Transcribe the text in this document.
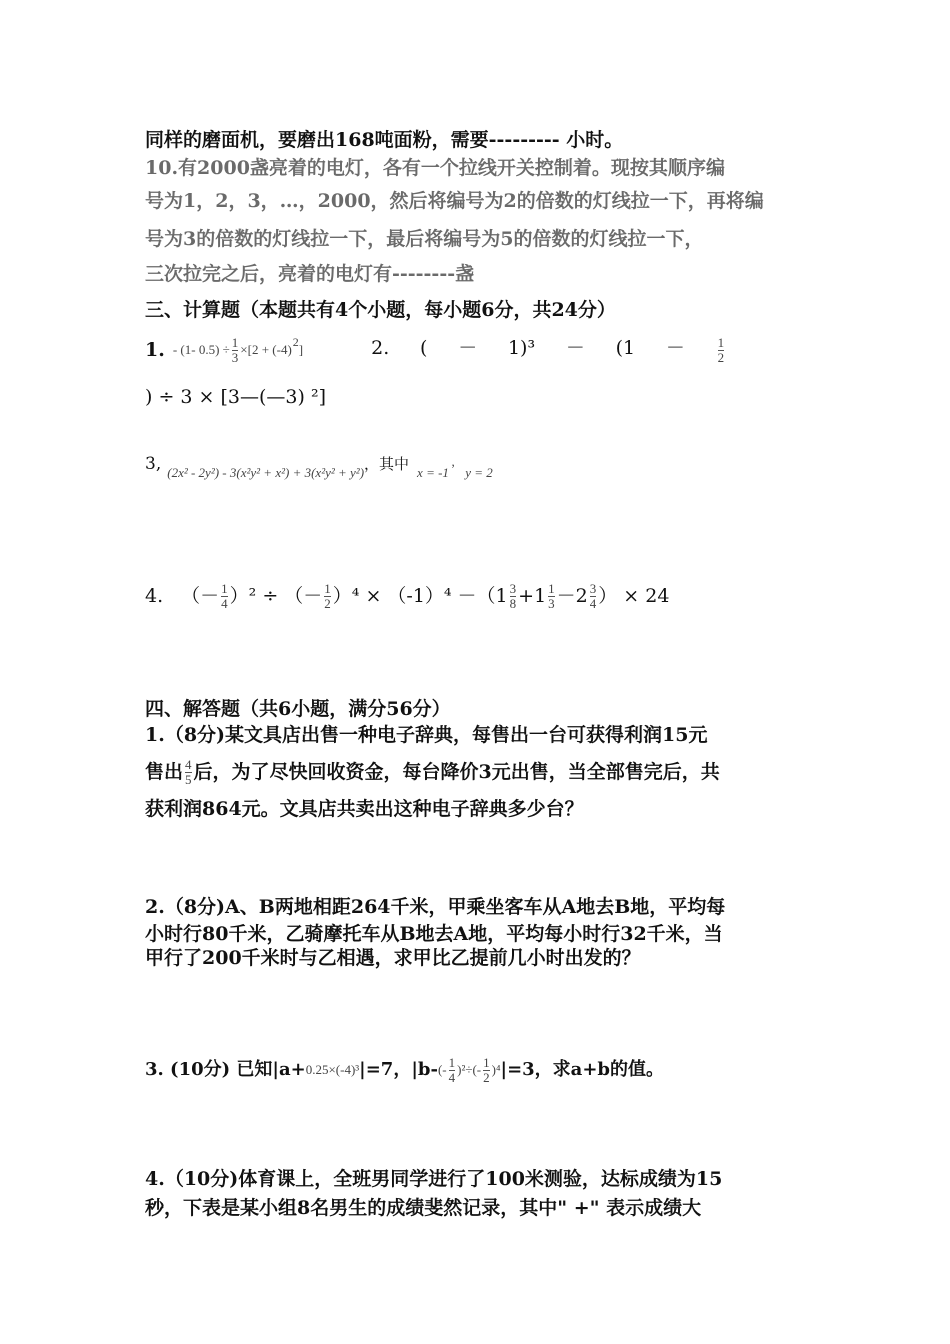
同样的磨面机，要磨出168吨面粉，需要--------- 小时。
10.有2000盏亮着的电灯，各有一个拉线开关控制着。现按其顺序编
号为1，2，3，…，2000，然后将编号为2的倍数的灯线拉一下，再将编
号为3的倍数的灯线拉一下，最后将编号为5的倍数的灯线拉一下，
三次拉完之后，亮着的电灯有--------盏
三、计算题（本题共有4个小题，每小题6分，共24分）
1. - (1- $0.5) \div \frac{1}{3} \times[2 + (-4)$ 2 ]	2. ( － 1)³ － (1 －	$\frac{1}{2}$
) ÷ 3 × [3—(—3) ²]
3, (2x² - 2y²) - 3(x²y² + x²) + 3(x²y² + y²) ，其中 x = -1 ’ y = 2
4. （－ $\frac{1}{4} )^2$ ÷ （－ $\frac{1}{2} )^4 \times (-1)^4 -(1 \frac{3}{8} +1 \frac{1}{3} -2 \frac{3}{4}$ ） × 24
四、解答题（共6小题，满分56分）
1.（8分)某文具店出售一种电子辞典，每售出一台可获得利润15元
售出 $\frac{4}{5}$ 后，为了尽快回收资金，每台降价3元出售，当全部售完后，共
获利润864元。文具店共卖出这种电子辞典多少台？
2.（8分)A、B两地相距264千米，甲乘坐客车从A地去B地，平均每
小时行80千米，乙骑摩托车从B地去A地，平均每小时行32千米，当
甲行了200千米时与乙相遇，求甲比乙提前几小时出发的？
3. (10分) 已知|a+ 0.25×(-4)³ |=7，|b- (- $\frac{1}{4} )^2\div(- \frac{1}{2} )^4$ |=3，求a+b的值。
4.（10分)体育课上，全班男同学进行了100米测验，达标成绩为15
秒，下表是某小组8名男生的成绩斐然记录，其中" +" 表示成绩大
